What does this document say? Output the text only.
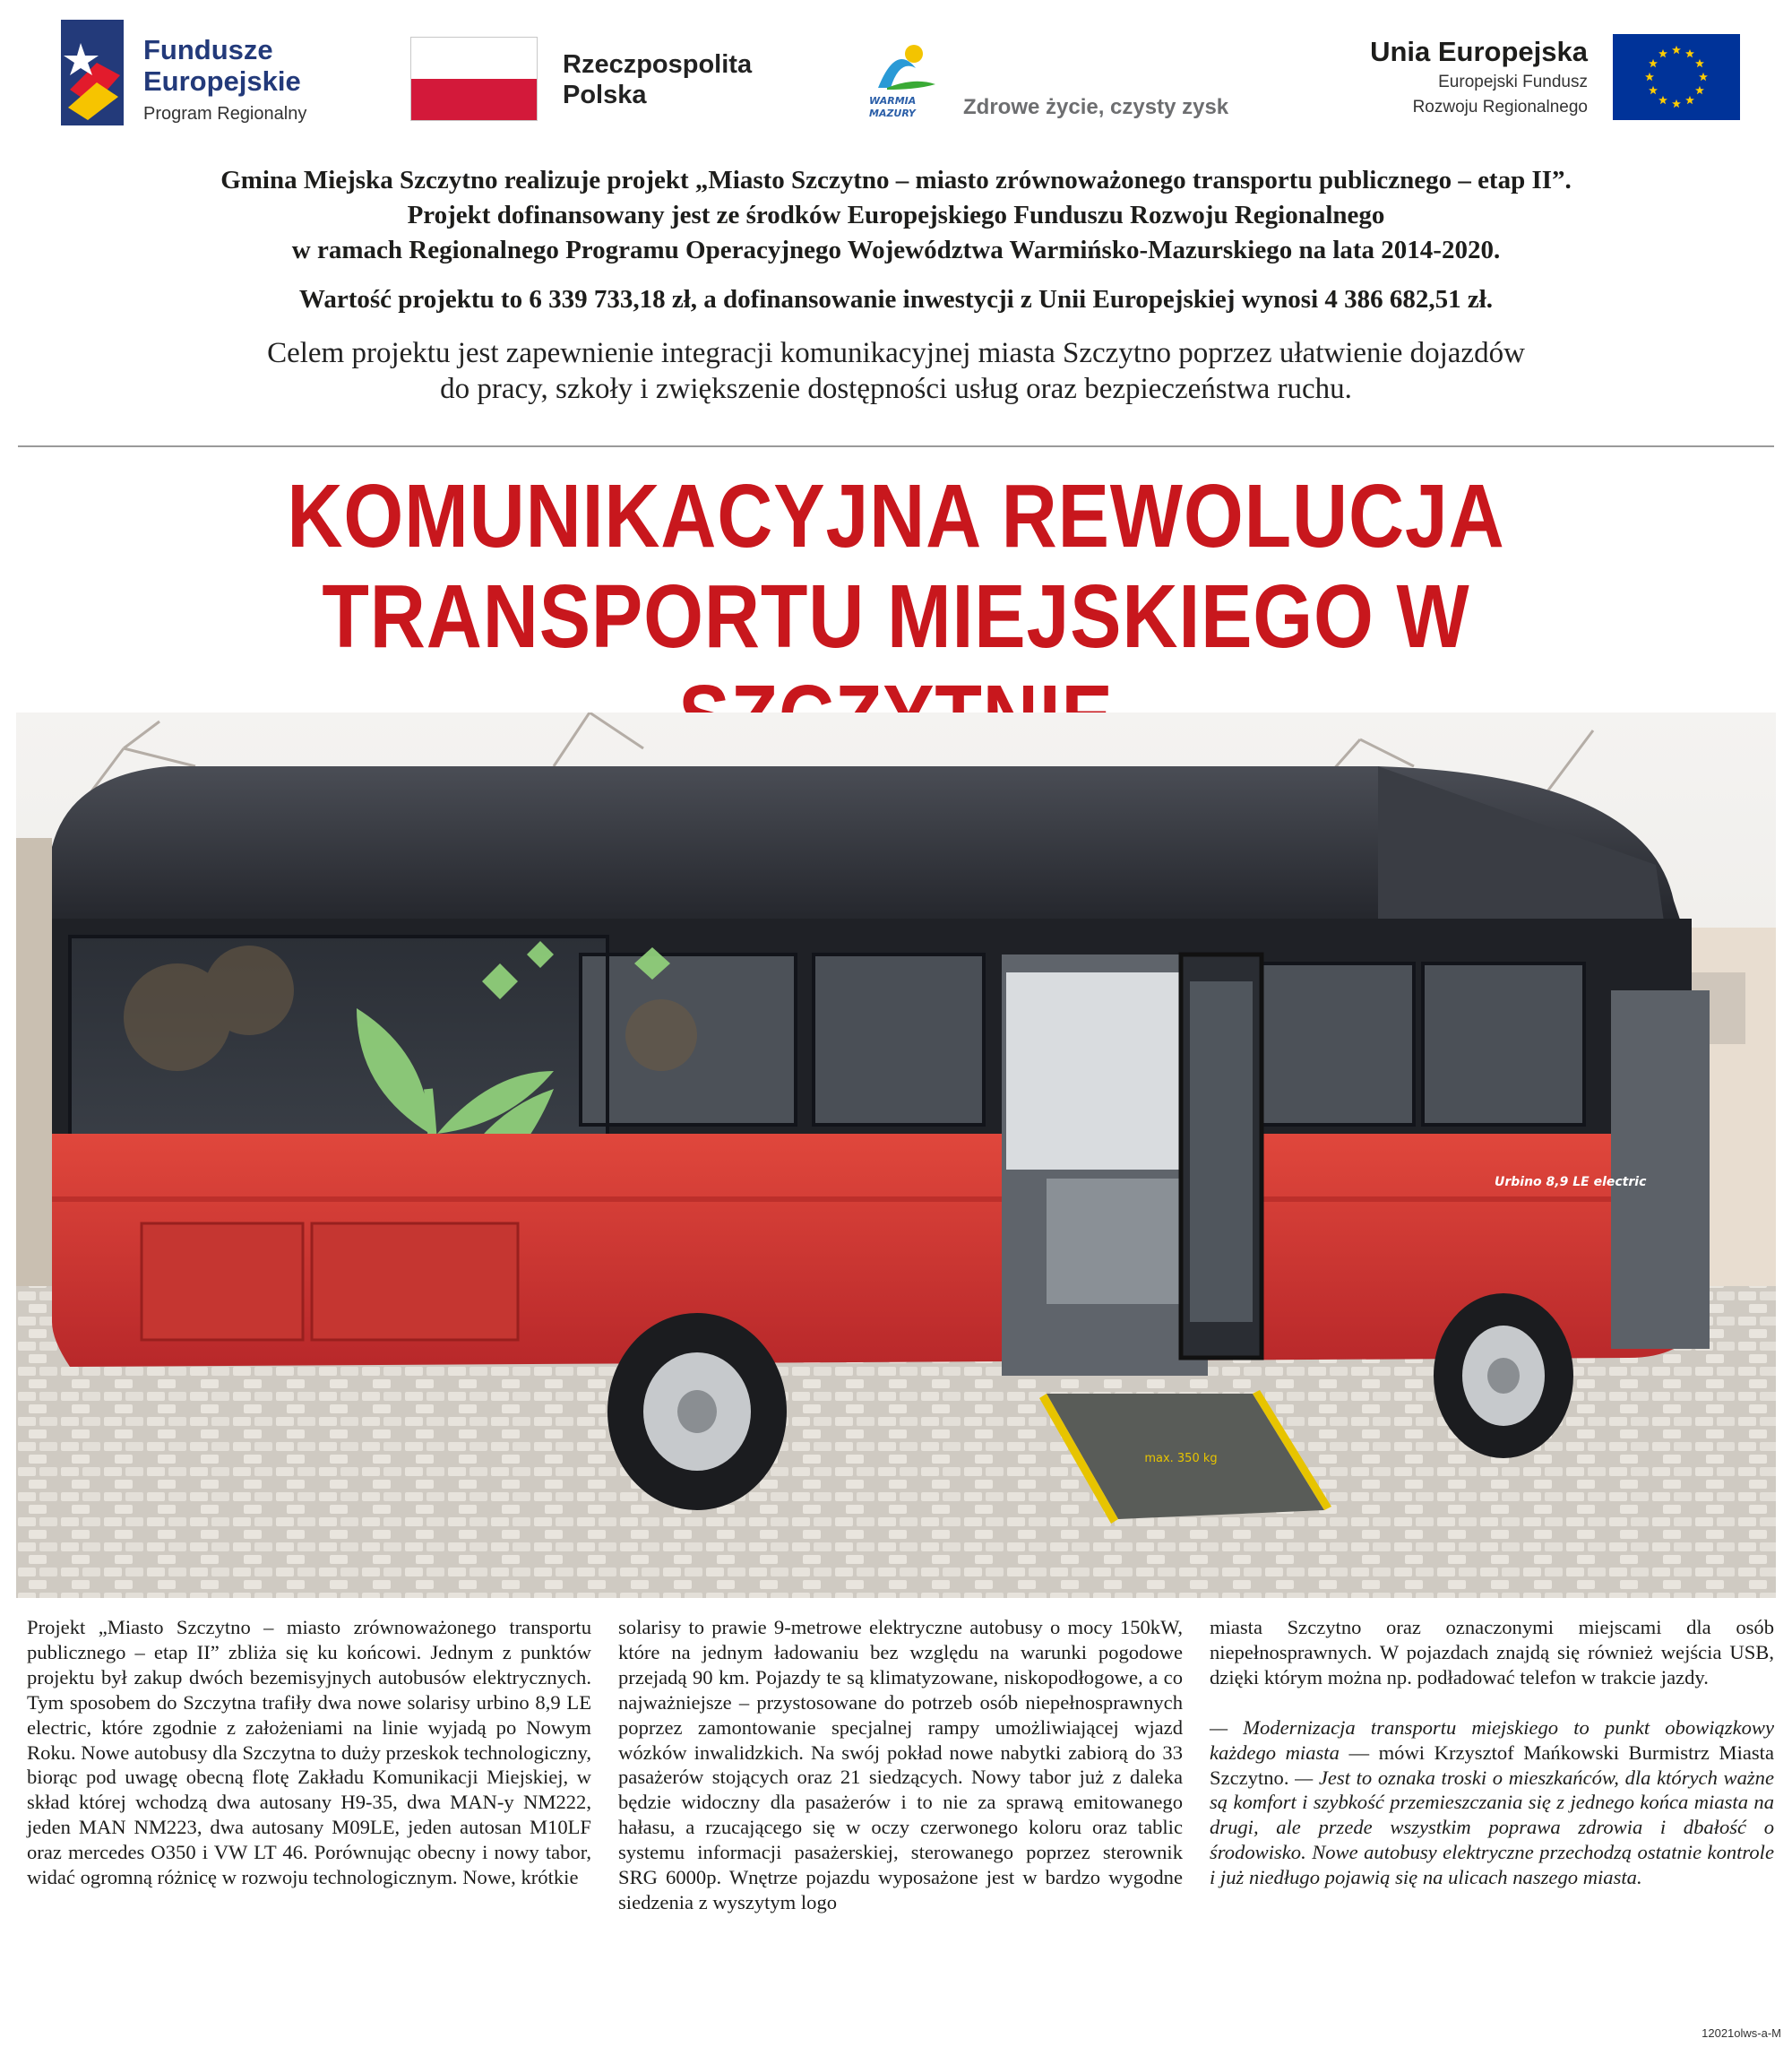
Fundusze
Europejskie
Program Regionalny
Rzeczpospolita
Polska	WARMIA
MAZURY Zdrowe życie, czysty zysk
Unia Europejska
Europejski Fundusz
Rozwoju Regionalnego

Gmina Miejska Szczytno realizuje projekt „Miasto Szczytno – miasto zrównoważonego transportu publicznego – etap II”.

Projekt dofinansowany jest ze środków Europejskiego Funduszu Rozwoju Regionalnego

w ramach Regionalnego Programu Operacyjnego Województwa Warmińsko-Mazurskiego na lata 2014-2020.

Wartość projektu to 6 339 733,18 zł, a dofinansowanie inwestycji z Unii Europejskiej wynosi 4 386 682,51 zł.

Celem projektu jest zapewnienie integracji komunikacyjnej miasta Szczytno poprzez ułatwienie dojazdów

do pracy, szkoły i zwiększenie dostępności usług oraz bezpieczeństwa ruchu.

KOMUNIKACYJNA REWOLUCJA
TRANSPORTU MIEJSKIEGO W
max. 350 kg
Urbino 8,9 LE electric

Projekt „Miasto Szczytno – miasto zrównoważonego transportu publicznego – etap II” zbliża się ku końcowi. Jednym z punktów projektu był zakup dwóch bezemisyjnych autobusów elektrycznych. Tym sposobem do Szczytna trafiły dwa nowe solarisy urbino 8,9 LE electric, które zgodnie z założeniami na linie wyjadą po Nowym Roku. Nowe autobusy dla Szczytna to duży przeskok technologiczny, biorąc pod uwagę obecną flotę Zakładu Komunikacji Miejskiej, w skład której wchodzą dwa autosany H9-35, dwa MAN-y NM222, jeden MAN NM223, dwa autosany M09LE, jeden autosan M10LF oraz mercedes O350 i VW LT 46. Porównując obecny i nowy tabor, widać ogromną różnicę w rozwoju technologicznym. Nowe, krótkie

solarisy to prawie 9-metrowe elektryczne autobusy o mocy 150kW, które na jednym ładowaniu bez względu na warunki pogodowe przejadą 90 km. Pojazdy te są klimatyzowane, niskopodłogowe, a co najważniejsze – przystosowane do potrzeb osób niepełnosprawnych poprzez zamontowanie specjalnej rampy umożliwiającej wjazd wózków inwalidzkich. Na swój pokład nowe nabytki zabiorą do 33 pasażerów stojących oraz 21 siedzących. Nowy tabor już z daleka będzie widoczny dla pasażerów i to nie za sprawą emitowanego hałasu, a rzucającego się w oczy czerwonego koloru oraz tablic systemu informacji pasażerskiej, sterowanego poprzez sterownik SRG 6000p. Wnętrze pojazdu wyposażone jest w bardzo wygodne siedzenia z wyszytym logo

miasta Szczytno oraz oznaczonymi miejscami dla osób niepełnosprawnych. W pojazdach znajdą się również wejścia USB, dzięki którym można np. podładować telefon w trakcie jazdy.

— Modernizacja transportu miejskiego to punkt obowiązkowy każdego miasta — mówi Krzysztof Mańkowski Burmistrz Miasta Szczytno. — Jest to oznaka troski o mieszkańców, dla których ważne są komfort i szybkość przemieszczania się z jednego końca miasta na drugi, ale przede wszystkim poprawa zdrowia i dbałość o środowisko. Nowe autobusy elektryczne przechodzą ostatnie kontrole i już niedługo pojawią się na ulicach naszego miasta.

12021olws-a-M
